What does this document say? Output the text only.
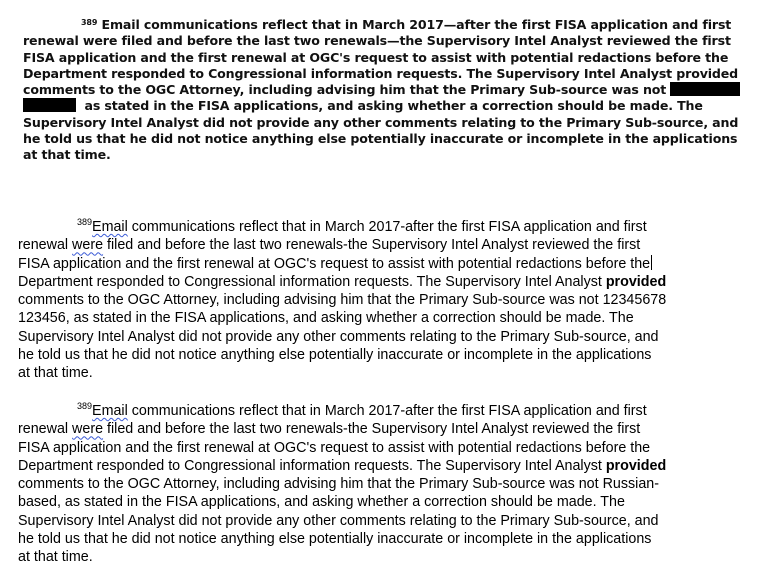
$^{389}$ Email communications reflect that in March 2017—after the first FISA application and first
renewal were filed and before the last two renewals—the Supervisory Intel Analyst reviewed the first
FISA application and the first renewal at OGC's request to assist with potential redactions before the
Department responded to Congressional information requests. The Supervisory Intel Analyst provided
comments to the OGC Attorney, including advising him that the Primary Sub-source was not
as stated in the FISA applications, and asking whether a correction should be made. The
Supervisory Intel Analyst did not provide any other comments relating to the Primary Sub-source, and
he told us that he did not notice anything else potentially inaccurate or incomplete in the applications
at that time.
$^{389}$Email communications reflect that in March 2017-after the first FISA application and first
renewal were filed and before the last two renewals-the Supervisory Intel Analyst reviewed the first
FISA application and the first renewal at OGC's request to assist with potential redactions before the
Department responded to Congressional information requests. The Supervisory Intel Analyst provided
comments to the OGC Attorney, including advising him that the Primary Sub-source was not 12345678
123456, as stated in the FISA applications, and asking whether a correction should be made. The
Supervisory Intel Analyst did not provide any other comments relating to the Primary Sub-source, and
he told us that he did not notice anything else potentially inaccurate or incomplete in the applications
at that time.
$^{389}$Email communications reflect that in March 2017-after the first FISA application and first
renewal were filed and before the last two renewals-the Supervisory Intel Analyst reviewed the first
FISA application and the first renewal at OGC's request to assist with potential redactions before the
Department responded to Congressional information requests. The Supervisory Intel Analyst provided
comments to the OGC Attorney, including advising him that the Primary Sub-source was not Russian-
based, as stated in the FISA applications, and asking whether a correction should be made. The
Supervisory Intel Analyst did not provide any other comments relating to the Primary Sub-source, and
he told us that he did not notice anything else potentially inaccurate or incomplete in the applications
at that time.
